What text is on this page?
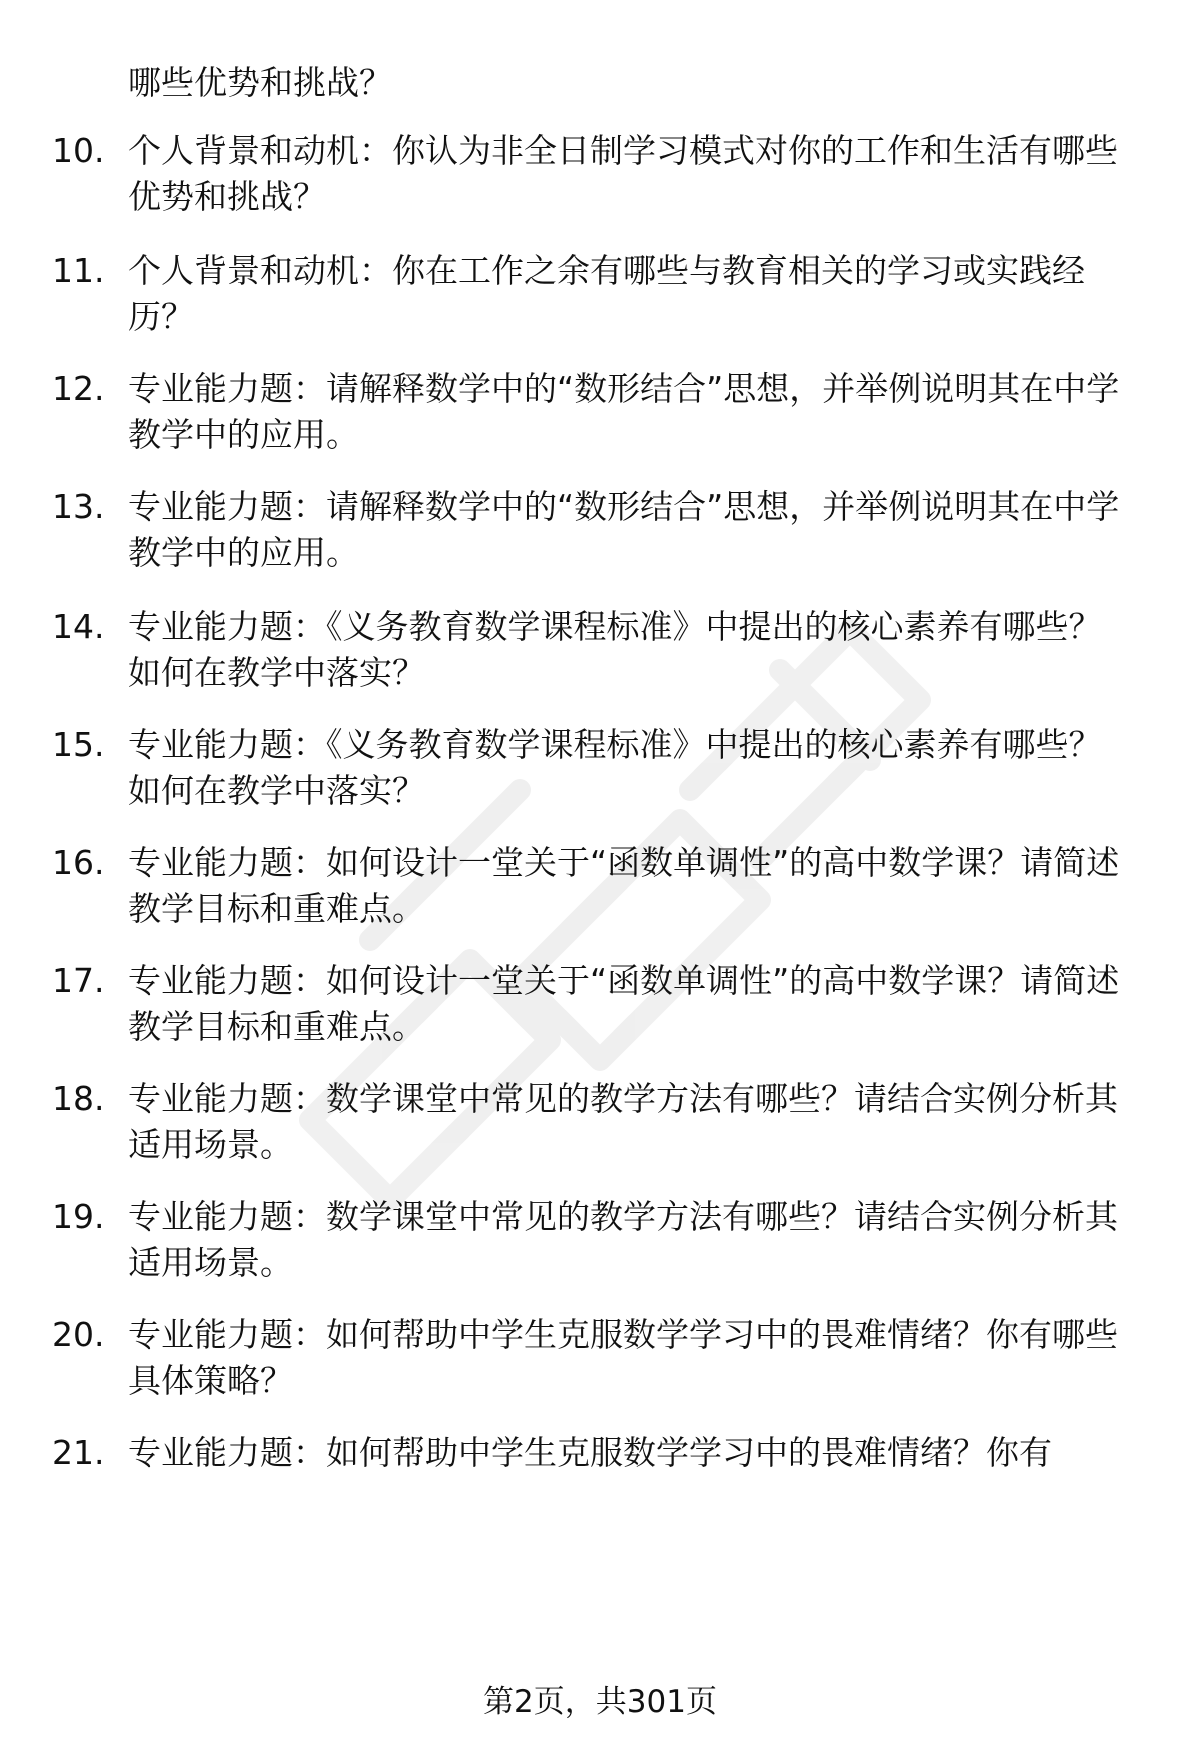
哪些优势和挑战？
10. 个人背景和动机：你认为非全日制学习模式对你的工作和生活有哪些优势和挑战？
11. 个人背景和动机：你在工作之余有哪些与教育相关的学习或实践经历？
12. 专业能力题：请解释数学中的“数形结合”思想，并举例说明其在中学教学中的应用。
13. 专业能力题：请解释数学中的“数形结合”思想，并举例说明其在中学教学中的应用。
14. 专业能力题：《义务教育数学课程标准》中提出的核心素养有哪些？如何在教学中落实？
15. 专业能力题：《义务教育数学课程标准》中提出的核心素养有哪些？如何在教学中落实？
16. 专业能力题：如何设计一堂关于“函数单调性”的高中数学课？请简述教学目标和重难点。
17. 专业能力题：如何设计一堂关于“函数单调性”的高中数学课？请简述教学目标和重难点。
18. 专业能力题：数学课堂中常见的教学方法有哪些？请结合实例分析其适用场景。
19. 专业能力题：数学课堂中常见的教学方法有哪些？请结合实例分析其适用场景。
20. 专业能力题：如何帮助中学生克服数学学习中的畏难情绪？你有哪些具体策略？
21. 专业能力题：如何帮助中学生克服数学学习中的畏难情绪？你有
第2页，共301页
